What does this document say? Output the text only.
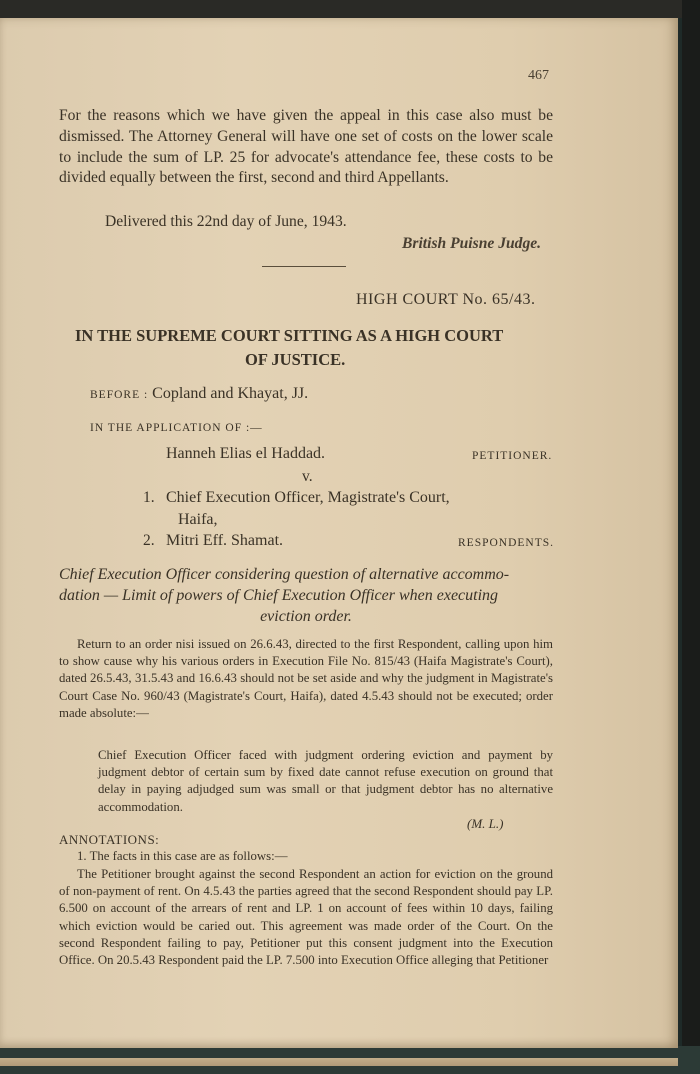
467
For the reasons which we have given the appeal in this case also must be dismissed. The Attorney General will have one set of costs on the lower scale to include the sum of LP. 25 for advocate's attendance fee, these costs to be divided equally between the first, second and third Appellants.
Delivered this 22nd day of June, 1943.
British Puisne Judge.
HIGH COURT No. 65/43.
IN THE SUPREME COURT SITTING AS A HIGH COURT
OF JUSTICE.
BEFORE : Copland and Khayat, JJ.
IN THE APPLICATION OF :—
Hanneh Elias el Haddad.	PETITIONER.
v.
1. Chief Execution Officer, Magistrate's Court,
Haifa,
2. Mitri Eff. Shamat.	RESPONDENTS.
Chief Execution Officer considering question of alternative accommo-
dation — Limit of powers of Chief Execution Officer when executing
eviction order.
Return to an order nisi issued on 26.6.43, directed to the first Respondent, calling upon him to show cause why his various orders in Execution File No. 815/43 (Haifa Magistrate's Court), dated 26.5.43, 31.5.43 and 16.6.43 should not be set aside and why the judgment in Magistrate's Court Case No. 960/43 (Magistrate's Court, Haifa), dated 4.5.43 should not be executed; order made absolute:—
Chief Execution Officer faced with judgment ordering eviction and payment by judgment debtor of certain sum by fixed date cannot refuse execution on ground that delay in paying adjudged sum was small or that judgment debtor has no alternative accommodation.
(M. L.)
ANNOTATIONS:
1. The facts in this case are as follows:—
The Petitioner brought against the second Respondent an action for eviction on the ground of non-payment of rent. On 4.5.43 the parties agreed that the second Respondent should pay LP. 6.500 on account of the arrears of rent and LP. 1 on account of fees within 10 days, failing which eviction would be caried out. This agreement was made order of the Court. On the second Respondent failing to pay, Petitioner put this consent judgment into the Execution Office. On 20.5.43 Respondent paid the LP. 7.500 into Execution Office alleging that Petitioner
